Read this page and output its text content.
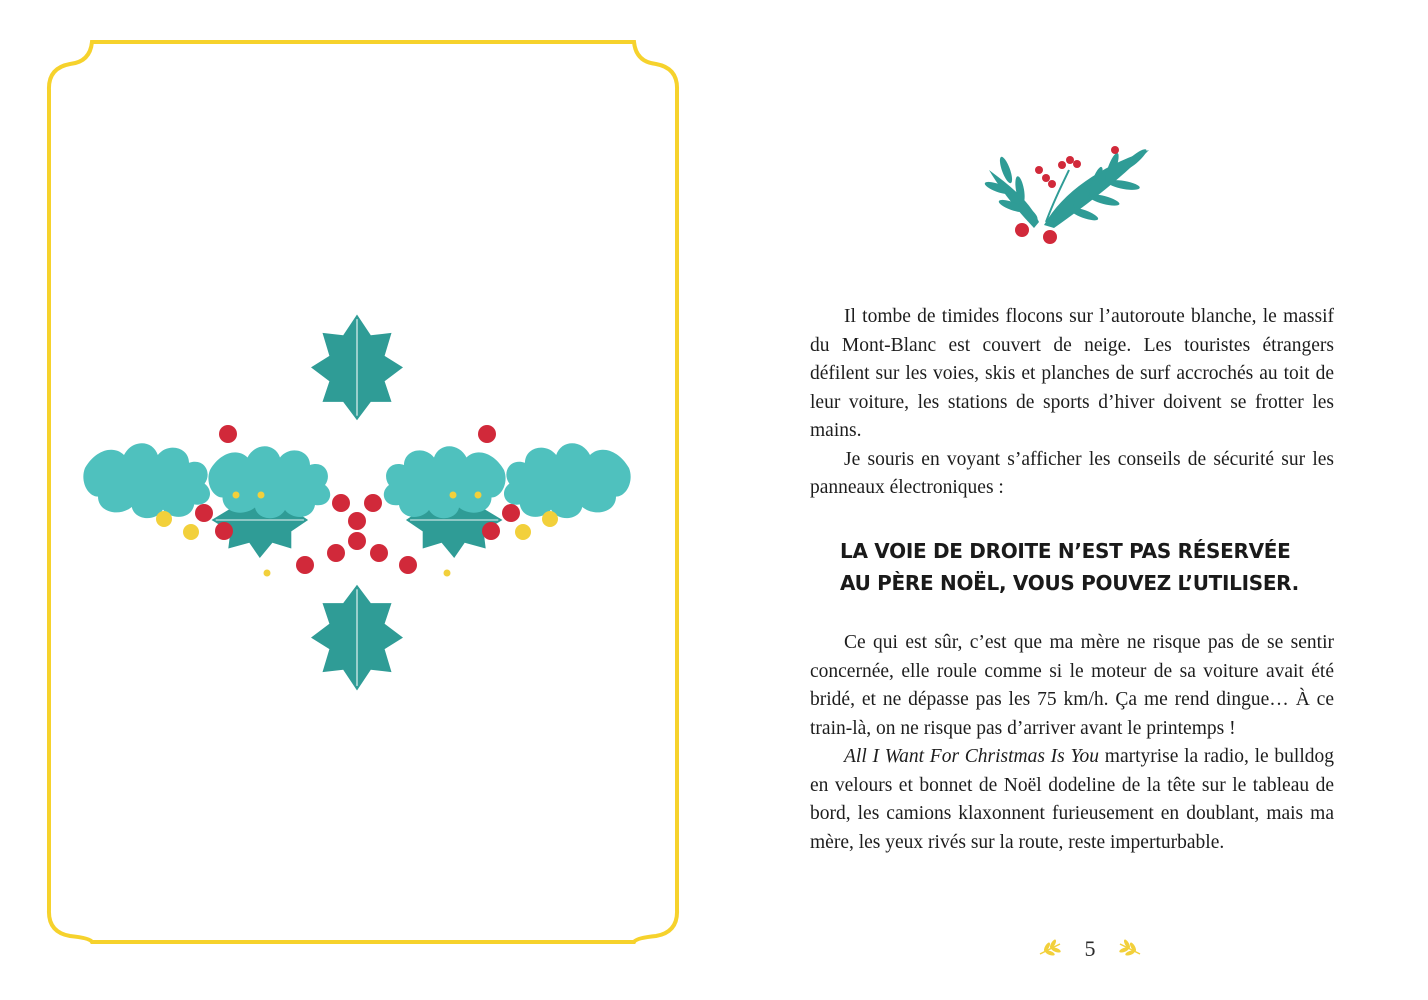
Il tombe de timides flocons sur l’autoroute blanche, le massif du Mont-Blanc est couvert de neige. Les touristes étrangers défilent sur les voies, skis et planches de surf accrochés au toit de leur voiture, les stations de sports d’hiver doivent se frotter les mains.

Je souris en voyant s’afficher les conseils de sécurité sur les panneaux électroniques :

LA VOIE DE DROITE N’EST PAS RÉSERVÉE
AU PÈRE NOËL, VOUS POUVEZ L’UTILISER.

Ce qui est sûr, c’est que ma mère ne risque pas de se sentir concernée, elle roule comme si le moteur de sa voiture avait été bridé, et ne dépasse pas les 75 km/h. Ça me rend dingue… À ce train-là, on ne risque pas d’arriver avant le printemps !

All I Want For Christmas Is You martyrise la radio, le bulldog en velours et bonnet de Noël dodeline de la tête sur le tableau de bord, les camions klaxonnent furieusement en doublant, mais ma mère, les yeux rivés sur la route, reste imperturbable.

5
